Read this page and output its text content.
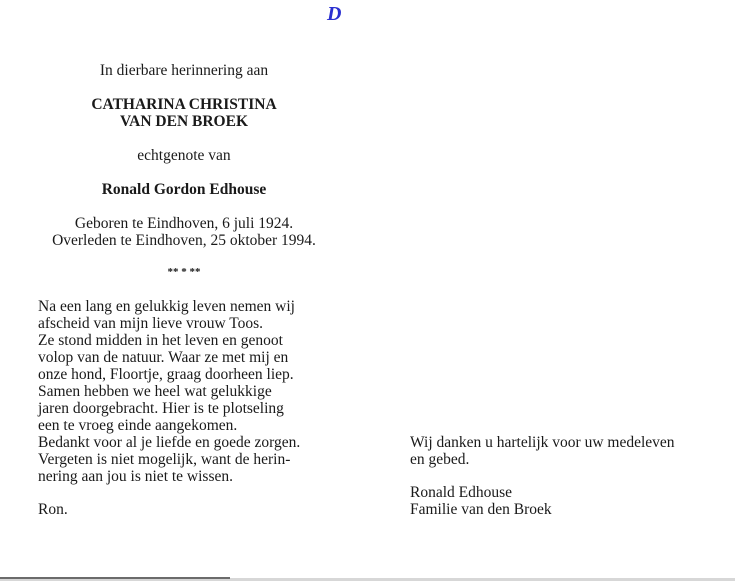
D
In dierbare herinnering aan
CATHARINA CHRISTINA
VAN DEN BROEK
echtgenote van
Ronald Gordon Edhouse
Geboren te Eindhoven, 6 juli 1924.
Overleden te Eindhoven, 25 oktober 1994.
** * **
Na een lang en gelukkig leven nemen wij
afscheid van mijn lieve vrouw Toos.
Ze stond midden in het leven en genoot
volop van de natuur. Waar ze met mij en
onze hond, Floortje, graag doorheen liep.
Samen hebben we heel wat gelukkige
jaren doorgebracht. Hier is te plotseling
een te vroeg einde aangekomen.
Bedankt voor al je liefde en goede zorgen.
Vergeten is niet mogelijk, want de herin-
nering aan jou is niet te wissen.
Ron.
Wij danken u hartelijk voor uw medeleven
en gebed.
Ronald Edhouse
Familie van den Broek
